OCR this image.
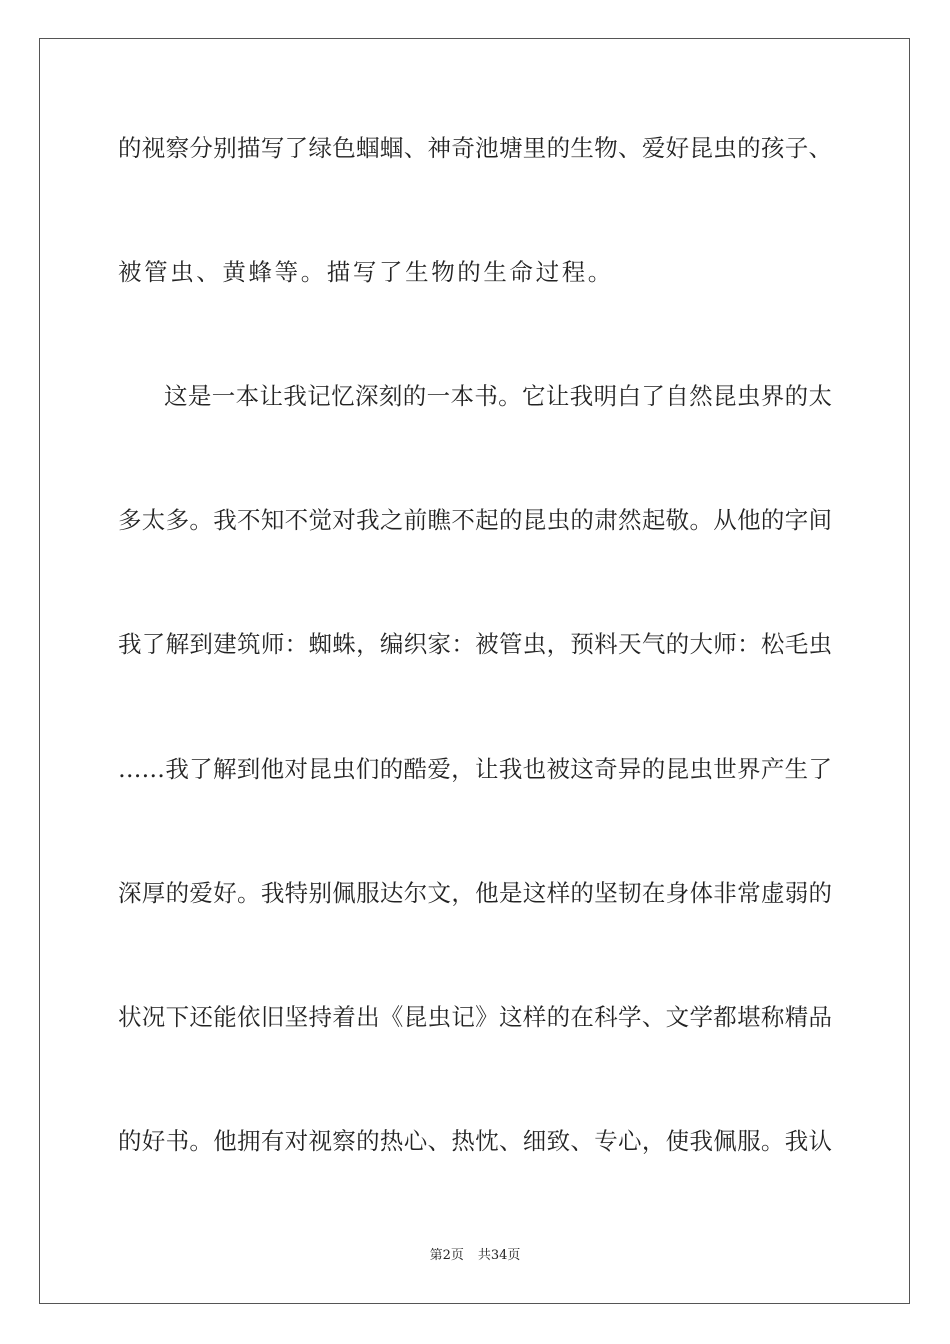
的视察分别描写了绿色蝈蝈、神奇池塘里的生物、爱好昆虫的孩子、
被管虫、黄蜂等。描写了生物的生命过程。
这是一本让我记忆深刻的一本书。它让我明白了自然昆虫界的太
多太多。我不知不觉对我之前瞧不起的昆虫的肃然起敬。从他的字间
我了解到建筑师：蜘蛛，编织家：被管虫，预料天气的大师：松毛虫
……我了解到他对昆虫们的酷爱，让我也被这奇异的昆虫世界产生了
深厚的爱好。我特别佩服达尔文，他是这样的坚韧在身体非常虚弱的
状况下还能依旧坚持着出《昆虫记》这样的在科学、文学都堪称精品
的好书。他拥有对视察的热心、热忱、细致、专心，使我佩服。我认
第2页 共34页
